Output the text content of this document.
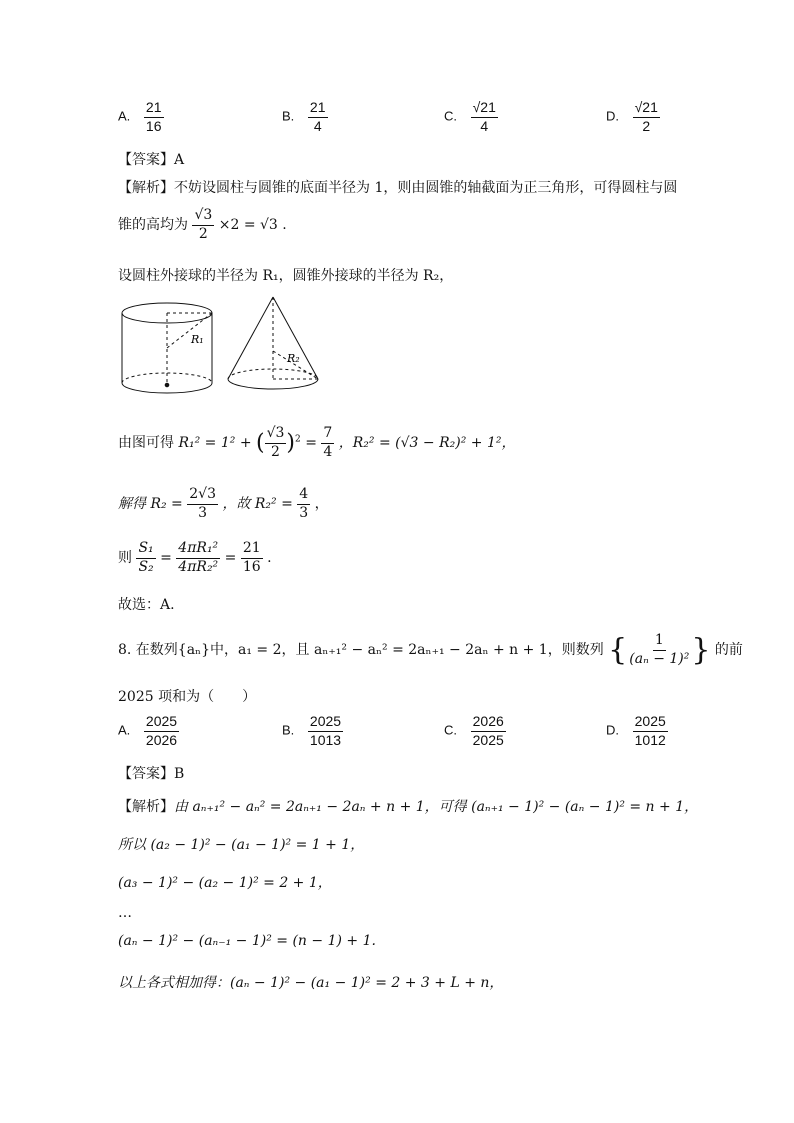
A. $\frac{21}{16}$	B. $\frac{21}{4}$	C. $\frac{√21}{4}$	D. $\frac{√21}{2}$
【答案】A
【解析】不妨设圆柱与圆锥的底面半径为 1，则由圆锥的轴截面为正三角形，可得圆柱与圆
锥的高均为 $\frac{√3}{2} \times 2 = √3$ .
设圆柱外接球的半径为 R₁，圆锥外接球的半径为 R₂，
R₁
R₂
由图可得 R₁² = 1² + ( $\frac{√3}{2} )^2 = \frac{7}{4}$ ，R₂² = (√3 − R₂)² + 1²，
解得 $R_2 = \frac{2√3}{3}$ ，故 $R_2^2 = \frac{4}{3}$ ，
则 $\frac{\text{S₁}}{\text{S₂}} = \frac{\text{4πR₁²}}{\text{4πR₂²}} = \frac{21}{16}$ .
故选：A.
8. 在数列{aₙ}中，a₁ = 2，且 aₙ₊₁² − aₙ² = 2aₙ₊₁ − 2aₙ + n + 1，则数列 { $\frac{1}{\text{(aₙ − 1)²}}$ } 的前
2025 项和为（　　）
A. $\frac{2025}{2026}$	B. $\frac{2025}{1013}$	C. $\frac{2026}{2025}$	D. $\frac{2025}{1012}$
【答案】B
【解析】由 aₙ₊₁² − aₙ² = 2aₙ₊₁ − 2aₙ + n + 1，可得 (aₙ₊₁ − 1)² − (aₙ − 1)² = n + 1，
所以 (a₂ − 1)² − (a₁ − 1)² = 1 + 1，
(a₃ − 1)² − (a₂ − 1)² = 2 + 1，
…
(aₙ − 1)² − (aₙ₋₁ − 1)² = (n − 1) + 1.
以上各式相加得：(aₙ − 1)² − (a₁ − 1)² = 2 + 3 + L + n，
